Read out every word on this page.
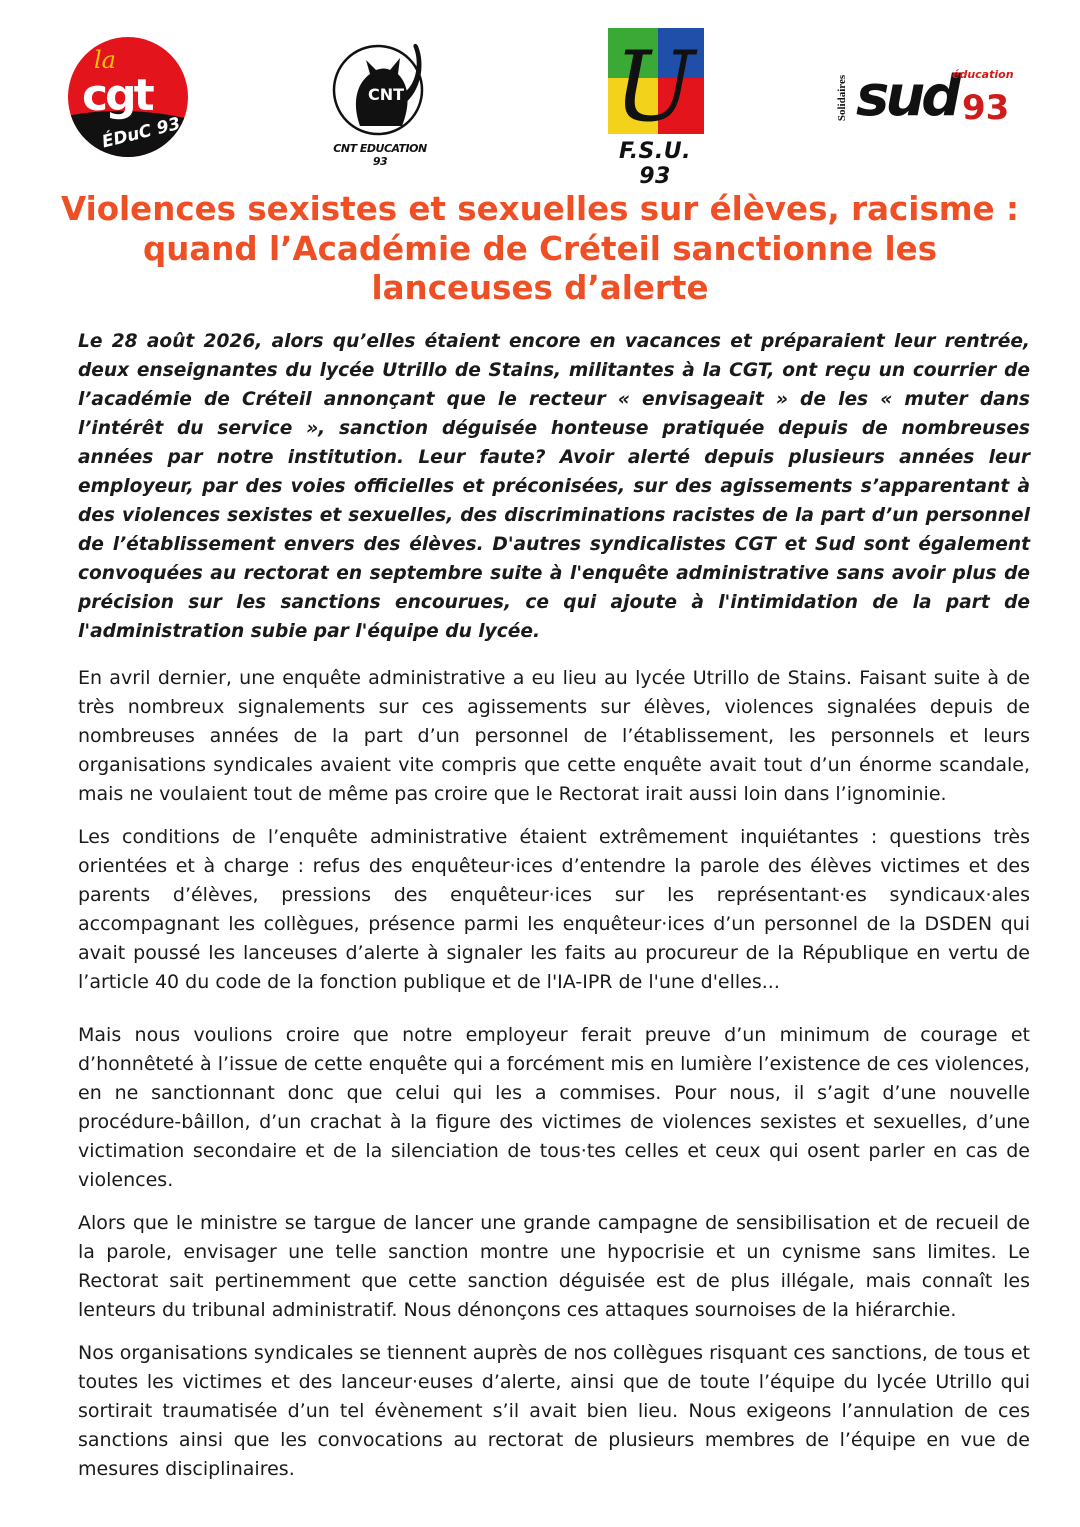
la
cgt
ÉDuC 93
CNT
CNT EDUCATION 93
U
F.S.U. 93
Solidaires sud
éducation
93
Violences sexistes et sexuelles sur élèves, racisme :
quand l’Académie de Créteil sanctionne les
lanceuses d’alerte

Le 28 août 2026, alors qu’elles étaient encore en vacances et préparaient leur rentrée, deux enseignantes du lycée Utrillo de Stains, militantes à la CGT, ont reçu un courrier de l’académie de Créteil annonçant que le recteur « envisageait » de les « muter dans l’intérêt du service », sanction déguisée honteuse pratiquée depuis de nombreuses années par notre institution. Leur faute? Avoir alerté depuis plusieurs années leur employeur, par des voies officielles et préconisées, sur des agissements s’apparentant à des violences sexistes et sexuelles, des discriminations racistes de la part d’un personnel de l’établissement envers des élèves. D'autres syndicalistes CGT et Sud sont également convoquées au rectorat en septembre suite à l'enquête administrative sans avoir plus de précision sur les sanctions encourues, ce qui ajoute à l'intimidation de la part de l'administration subie par l'équipe du lycée.

En avril dernier, une enquête administrative a eu lieu au lycée Utrillo de Stains. Faisant suite à de très nombreux signalements sur ces agissements sur élèves, violences signalées depuis de nombreuses années de la part d’un personnel de l’établissement, les personnels et leurs organisations syndicales avaient vite compris que cette enquête avait tout d’un énorme scandale, mais ne voulaient tout de même pas croire que le Rectorat irait aussi loin dans l’ignominie.

Les conditions de l’enquête administrative étaient extrêmement inquiétantes : questions très orientées et à charge : refus des enquêteur·ices d’entendre la parole des élèves victimes et des parents d’élèves, pressions des enquêteur·ices sur les représentant·es syndicaux·ales accompagnant les collègues, présence parmi les enquêteur·ices d’un personnel de la DSDEN qui avait poussé les lanceuses d’alerte à signaler les faits au procureur de la République en vertu de l’article 40 du code de la fonction publique et de l'IA-IPR de l'une d'elles...

Mais nous voulions croire que notre employeur ferait preuve d’un minimum de courage et d’honnêteté à l’issue de cette enquête qui a forcément mis en lumière l’existence de ces violences, en ne sanctionnant donc que celui qui les a commises. Pour nous, il s’agit d’une nouvelle procédure-bâillon, d’un crachat à la figure des victimes de violences sexistes et sexuelles, d’une victimation secondaire et de la silenciation de tous·tes celles et ceux qui osent parler en cas de violences.

Alors que le ministre se targue de lancer une grande campagne de sensibilisation et de recueil de la parole, envisager une telle sanction montre une hypocrisie et un cynisme sans limites. Le Rectorat sait pertinemment que cette sanction déguisée est de plus illégale, mais connaît les lenteurs du tribunal administratif. Nous dénonçons ces attaques sournoises de la hiérarchie.

Nos organisations syndicales se tiennent auprès de nos collègues risquant ces sanctions, de tous et toutes les victimes et des lanceur·euses d’alerte, ainsi que de toute l’équipe du lycée Utrillo qui sortirait traumatisée d’un tel évènement s’il avait bien lieu. Nous exigeons l’annulation de ces sanctions ainsi que les convocations au rectorat de plusieurs membres de l’équipe en vue de mesures disciplinaires.
